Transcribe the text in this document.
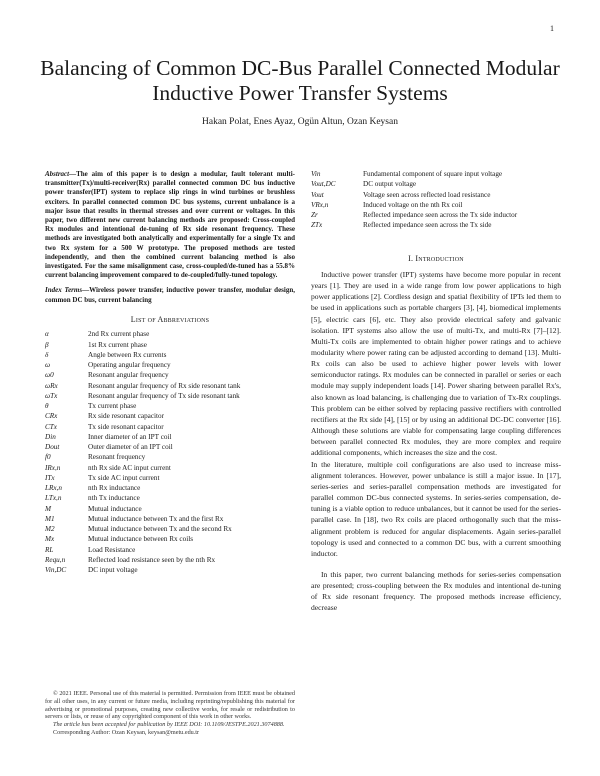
1
Balancing of Common DC-Bus Parallel Connected Modular Inductive Power Transfer Systems
Hakan Polat, Enes Ayaz, Ogün Altun, Ozan Keysan

Abstract—The aim of this paper is to design a modular, fault tolerant multi-transmitter(Tx)/multi-receiver(Rx) parallel connected common DC bus inductive power transfer(IPT) system to replace slip rings in wind turbines or brushless exciters. In parallel connected common DC bus systems, current unbalance is a major issue that results in thermal stresses and over current or voltages. In this paper, two different new current balancing methods are proposed: Cross-coupled Rx modules and intentional de-tuning of Rx side resonant frequency. These methods are investigated both analytically and experimentally for a single Tx and two Rx system for a 500 W prototype. The proposed methods are tested independently, and then the combined current balancing method is also investigated. For the same misalignment case, cross-coupled/de-tuned has a 55.8% current balancing improvement compared to de-coupled/fully-tuned topology.

Index Terms—Wireless power transfer, inductive power transfer, modular design, common DC bus, current balancing

List of Abbreviations
α	2nd Rx current phase
β	1st Rx current phase
δ	Angle between Rx currents
ω	Operating angular frequency
ω0	Resonant angular frequency
ωRx	Resonant angular frequency of Rx side resonant tank
ωTx	Resonant angular frequency of Tx side resonant tank
θ	Tx current phase
CRx	Rx side resonant capacitor
CTx	Tx side resonant capacitor
Din	Inner diameter of an IPT coil
Dout	Outer diameter of an IPT coil
f0	Resonant frequency
IRx,n	nth Rx side AC input current
ITx	Tx side AC input current
LRx,n	nth Rx inductance
LTx,n	nth Tx inductance
M	Mutual inductance
M1	Mutual inductance between Tx and the first Rx
M2	Mutual inductance between Tx and the second Rx
Mx	Mutual inductance between Rx coils
RL	Load Resistance
Requ,n	Reflected load resistance seen by the nth Rx
Vin,DC	DC input voltage

© 2021 IEEE. Personal use of this material is permitted. Permission from IEEE must be obtained for all other uses, in any current or future media, including reprinting/republishing this material for advertising or promotional purposes, creating new collective works, for resale or redistribution to servers or lists, or reuse of any copyrighted component of this work in other works.

The article has been accepted for publication by IEEE DOI: 10.1109/JESTPE.2021.3074888.

Corresponding Author: Ozan Keysan, keysan@metu.edu.tr

Vin	Fundamental component of square input voltage
Vout,DC	DC output voltage
Vout	Voltage seen across reflected load resistance
VRx,n	Induced voltage on the nth Rx coil
Zr	Reflected impedance seen across the Tx side inductor
ZTx	Reflected impedance seen across the Tx side
I. Introduction

Inductive power transfer (IPT) systems have become more popular in recent years [1]. They are used in a wide range from low power applications to high power applications [2]. Cordless design and spatial flexibility of IPTs led them to be used in applications such as portable chargers [3], [4], biomedical implements [5], electric cars [6], etc. They also provide electrical safety and galvanic isolation. IPT systems also allow the use of multi-Tx, and multi-Rx [7]–[12]. Multi-Tx coils are implemented to obtain higher power ratings and to achieve modularity where power rating can be adjusted according to demand [13]. Multi-Rx coils can also be used to achieve higher power levels with lower semiconductor ratings. Rx modules can be connected in parallel or series or each module may supply independent loads [14]. Power sharing between parallel Rx's, also known as load balancing, is challenging due to variation of Tx-Rx couplings. This problem can be either solved by replacing passive rectifiers with controlled rectifiers at the Rx side [4], [15] or by using an additional DC-DC converter [16]. Although these solutions are viable for compensating large coupling differences between parallel connected Rx modules, they are more complex and require additional components, which increases the size and the cost.

In the literature, multiple coil configurations are also used to increase miss-alignment tolerances. However, power unbalance is still a major issue. In [17], series-series and series-parallel compensation methods are investigated for parallel common DC-bus connected systems. In series-series compensation, de-tuning is a viable option to reduce unbalances, but it cannot be used for the series-parallel case. In [18], two Rx coils are placed orthogonally such that the miss-alignment problem is reduced for angular displacements. Again series-parallel topology is used and connected to a common DC bus, with a current smoothing inductor.

In this paper, two current balancing methods for series-series compensation are presented; cross-coupling between the Rx modules and intentional de-tuning of Rx side resonant frequency. The proposed methods increase efficiency, decrease
